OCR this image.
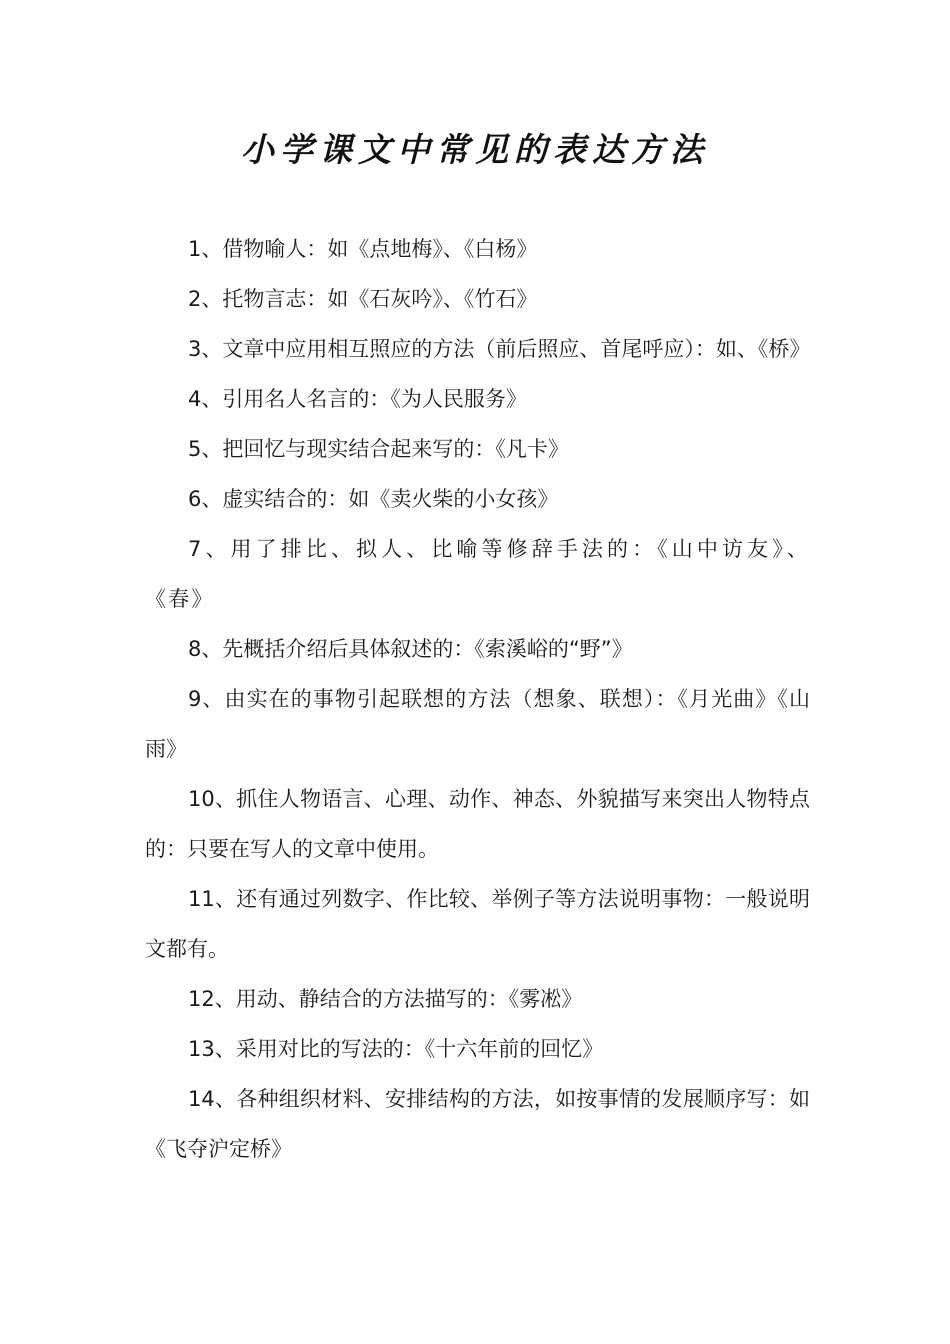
小学课文中常见的表达方法

1、借物喻人：如《点地梅》、《白杨》

2、托物言志：如《石灰吟》、《竹石》

3、文章中应用相互照应的方法（前后照应、首尾呼应）：如、《桥》

4、引用名人名言的：《为人民服务》

5、把回忆与现实结合起来写的：《凡卡》

6、虚实结合的：如《卖火柴的小女孩》

7、用了排比、拟人、比喻等修辞手法的：《山中访友》、《春》

8、先概括介绍后具体叙述的：《索溪峪的“野”》

9、由实在的事物引起联想的方法（想象、联想）：《月光曲》《山雨》

10、抓住人物语言、心理、动作、神态、外貌描写来突出人物特点的：只要在写人的文章中使用。

11、还有通过列数字、作比较、举例子等方法说明事物：一般说明文都有。

12、用动、静结合的方法描写的：《雾凇》

13、采用对比的写法的：《十六年前的回忆》

14、各种组织材料、安排结构的方法，如按事情的发展顺序写：如《飞夺沪定桥》
